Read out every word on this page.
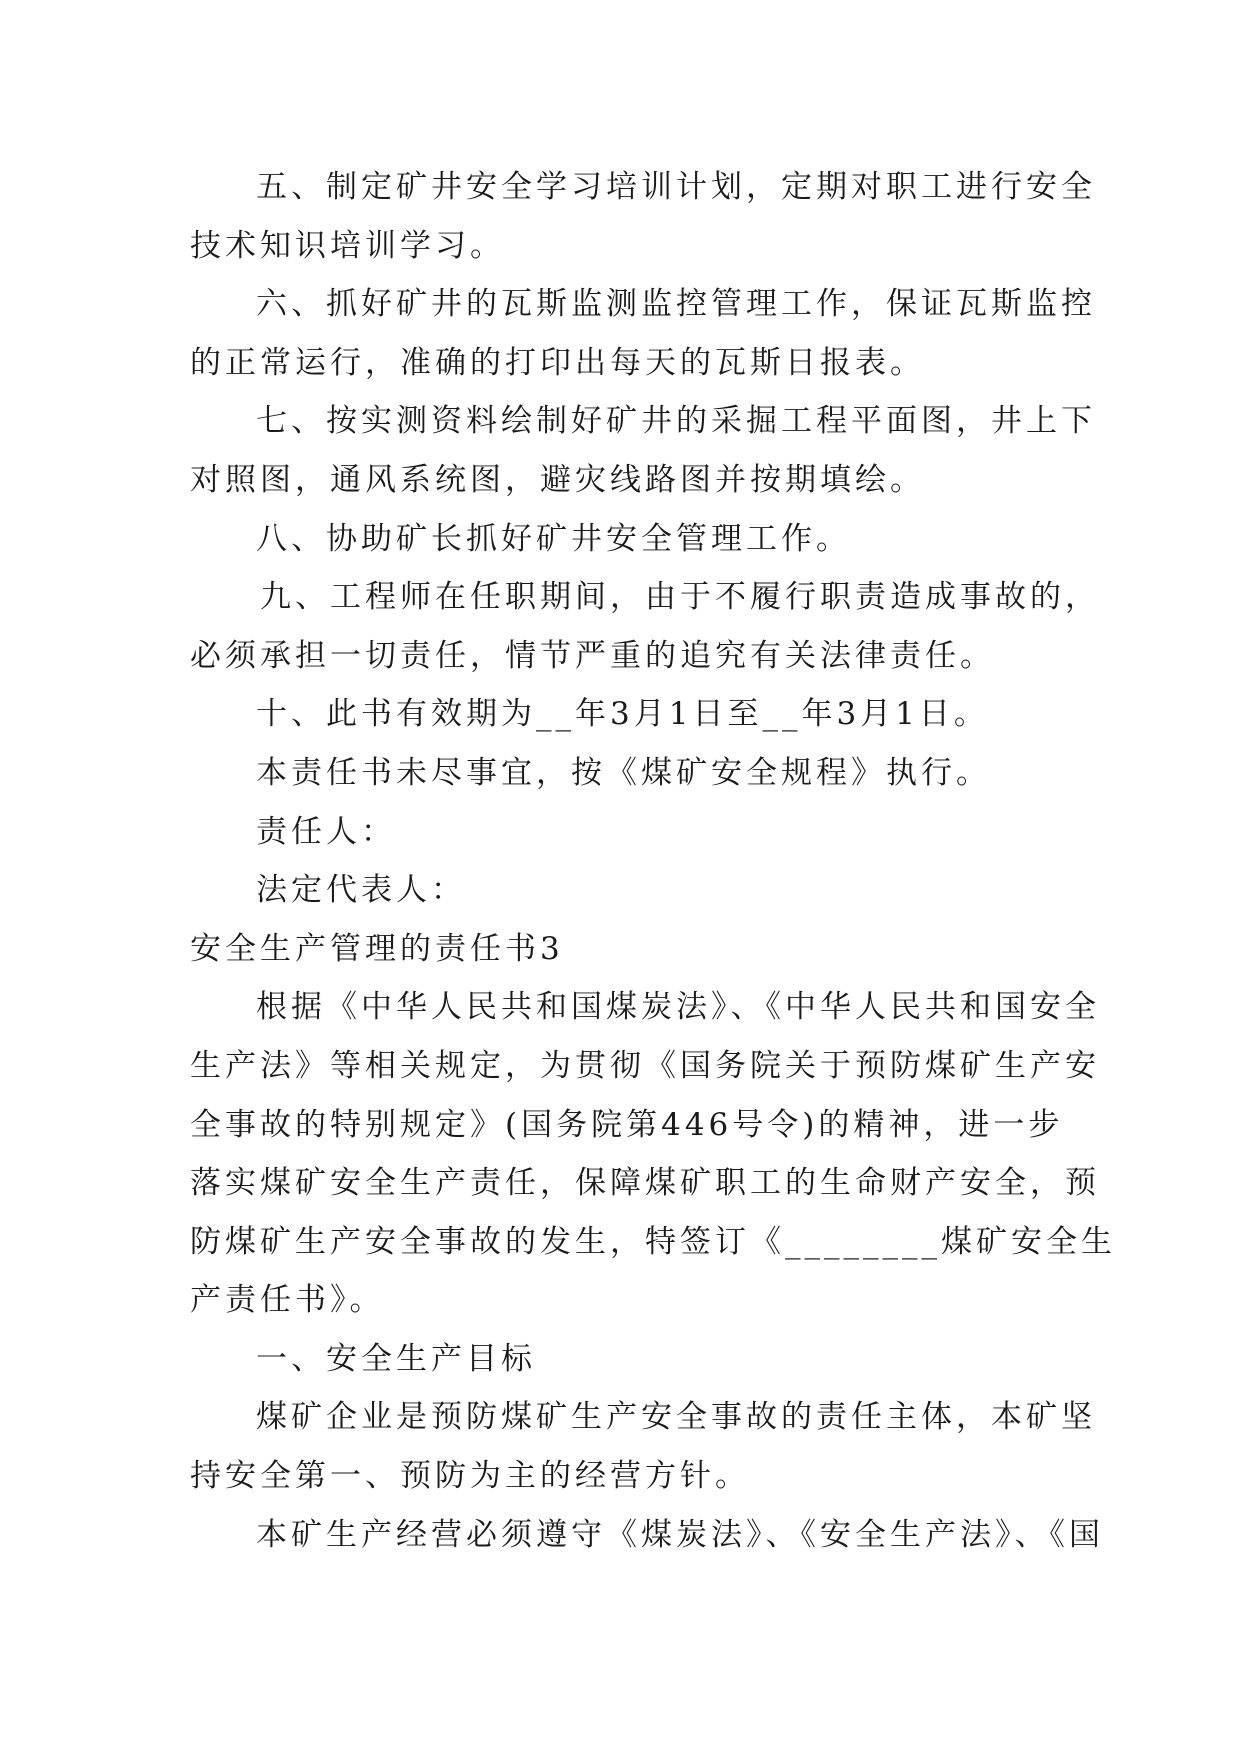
五、制定矿井安全学习培训计划，定期对职工进行安全
技术知识培训学习。
六、抓好矿井的瓦斯监测监控管理工作，保证瓦斯监控
的正常运行，准确的打印出每天的瓦斯日报表。
七、按实测资料绘制好矿井的采掘工程平面图，井上下
对照图，通风系统图，避灾线路图并按期填绘。
八、协助矿长抓好矿井安全管理工作。
九、工程师在任职期间，由于不履行职责造成事故的，
必须承担一切责任，情节严重的追究有关法律责任。
十、此书有效期为__年3月1日至__年3月1日。
本责任书未尽事宜，按《煤矿安全规程》执行。
责任人：
法定代表人：
安全生产管理的责任书3
根据《中华人民共和国煤炭法》、《中华人民共和国安全
生产法》等相关规定，为贯彻《国务院关于预防煤矿生产安
全事故的特别规定》(国务院第446号令)的精神，进一步
落实煤矿安全生产责任，保障煤矿职工的生命财产安全，预
防煤矿生产安全事故的发生，特签订《________煤矿安全生
产责任书》。
一、安全生产目标
煤矿企业是预防煤矿生产安全事故的责任主体，本矿坚
持安全第一、预防为主的经营方针。
本矿生产经营必须遵守《煤炭法》、《安全生产法》、《国
